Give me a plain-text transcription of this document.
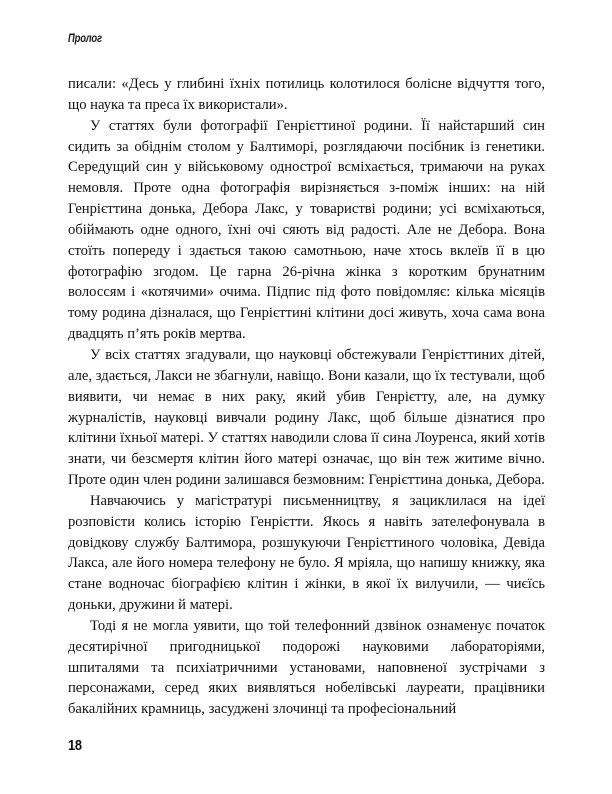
Пролог

писали: «Десь у глибині їхніх потилиць колотилося болісне відчуття того, що наука та преса їх використали».

У статтях були фотографії Генрієттиної родини. Її найстарший син сидить за обіднім столом у Балтиморі, розглядаючи посібник із генетики. Середущий син у військовому однострої всміхається, тримаючи на руках немовля. Проте одна фотографія вирізняється з-поміж інших: на ній Генрієттина донька, Дебора Лакс, у товаристві родини; усі всміхаються, обіймають одне одного, їхні очі сяють від радості. Але не Дебора. Вона стоїть попереду і здається такою самотньою, наче хтось вклеїв її в цю фотографію згодом. Це гарна 26-річна жінка з коротким брунатним волоссям і «котячими» очима. Підпис під фото повідомляє: кілька місяців тому родина дізналася, що Генрієттині клітини досі живуть, хоча сама вона двадцять п’ять років мертва.

У всіх статтях згадували, що науковці обстежували Генрієттиних дітей, але, здається, Лакси не збагнули, навіщо. Вони казали, що їх тестували, щоб виявити, чи немає в них раку, який убив Генрієтту, але, на думку журналістів, науковці вивчали родину Лакс, щоб більше дізнатися про клітини їхньої матері. У статтях наводили слова її сина Лоуренса, який хотів знати, чи безсмертя клітин його матері означає, що він теж житиме вічно. Проте один член родини залишався безмовним: Генрієттина донька, Дебора.

Навчаючись у магістратурі письменництву, я зациклилася на ідеї розповісти колись історію Генрієтти. Якось я навіть зателефонувала в довідкову службу Балтимора, розшукуючи Генрієттиного чоловіка, Девіда Лакса, але його номера телефону не було. Я мріяла, що напишу книжку, яка стане водночас біографією клітин і жінки, в якої їх вилучили, — чиєїсь доньки, дружини й матері.

Тоді я не могла уявити, що той телефонний дзвінок ознаменує початок десятирічної пригодницької подорожі науковими лабораторіями, шпиталями та психіатричними установами, наповненої зустрічами з персонажами, серед яких виявляться нобелівські лауреати, працівники бакалійних крамниць, засуджені злочинці та професіональний

18
